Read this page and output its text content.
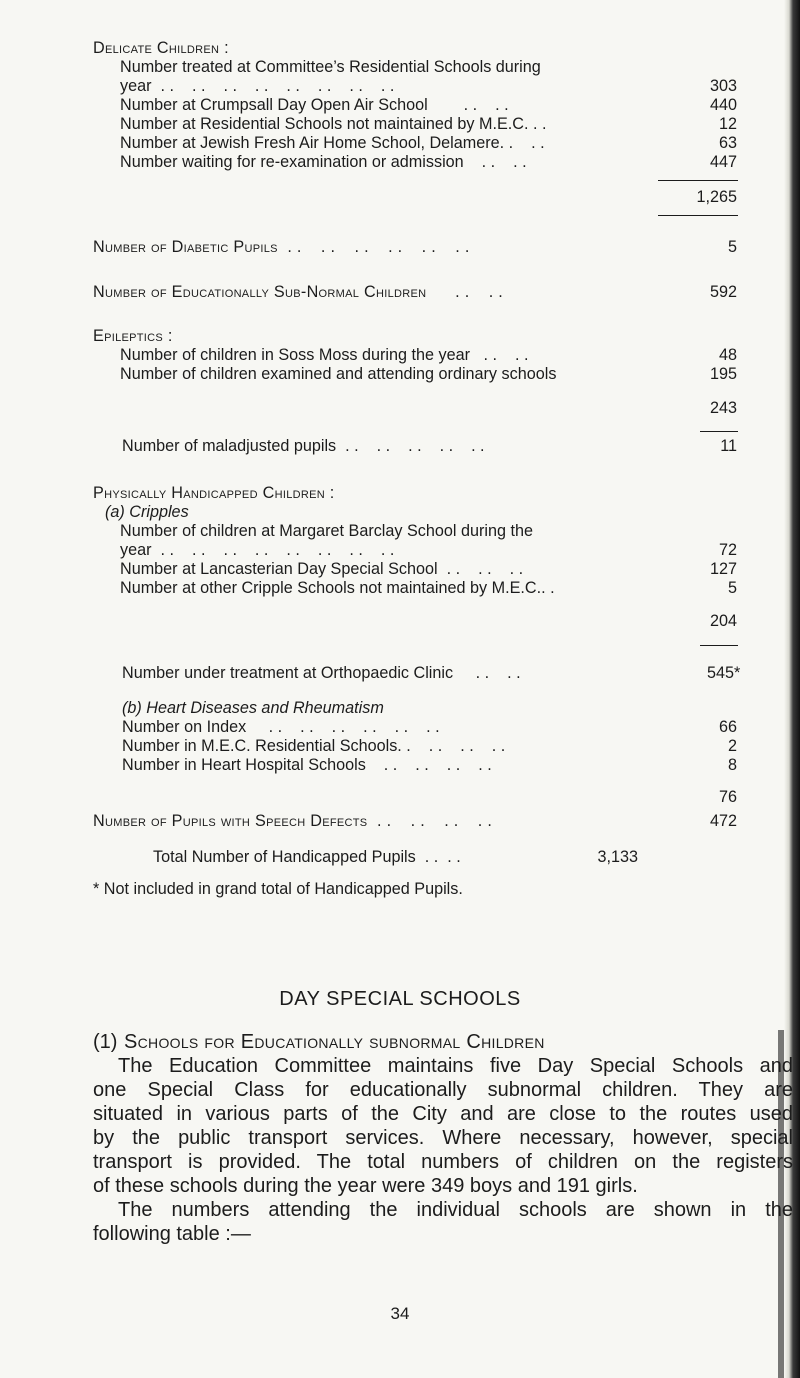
Delicate Children :
Number treated at Committee’s Residential Schools during
year  . .    . .    . .    . .    . .    . .    . .    . .	303
Number at Crumpsall Day Open Air School        . .    . .	440
Number at Residential Schools not maintained by M.E.C. . .	12
Number at Jewish Fresh Air Home School, Delamere. .    . .	63
Number waiting for re-examination or admission    . .    . .	447
1,265
Number of Diabetic Pupils  . .    . .    . .    . .    . .    . .	5
Number of Educationally Sub-Normal Children      . .    . .	592
Epileptics :
Number of children in Soss Moss during the year   . .    . .	48
Number of children examined and attending ordinary schools	195
243
Number of maladjusted pupils  . .    . .    . .    . .    . .	11
Physically Handicapped Children :
(a) Cripples
Number of children at Margaret Barclay School during the
year  . .    . .    . .    . .    . .    . .    . .    . .	72
Number at Lancasterian Day Special School  . .    . .    . .	127
Number at other Cripple Schools not maintained by M.E.C.. .	5
204
Number under treatment at Orthopaedic Clinic     . .    . .	545*
(b) Heart Diseases and Rheumatism
Number on Index     . .    . .    . .    . .    . .    . .	66
Number in M.E.C. Residential Schools. .    . .    . .    . .	2
Number in Heart Hospital Schools    . .    . .    . .    . .	8
76
Number of Pupils with Speech Defects  . .    . .    . .    . .	472
Total Number of Handicapped Pupils  . .  . .	3,133
* Not included in grand total of Handicapped Pupils.
DAY SPECIAL SCHOOLS
(1) Schools for Educationally subnormal Children
The Education Committee maintains five Day Special Schools and
one Special Class for educationally subnormal children. They are
situated in various parts of the City and are close to the routes used
by the public transport services. Where necessary, however, special
transport is provided. The total numbers of children on the registers
of these schools during the year were 349 boys and 191 girls.
The numbers attending the individual schools are shown in the
following table :—
34
